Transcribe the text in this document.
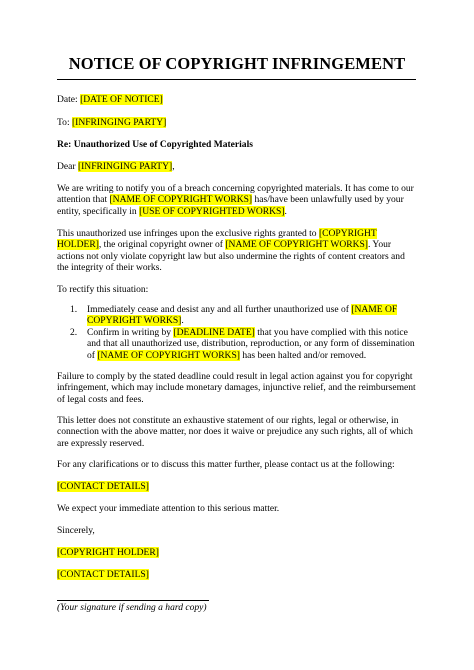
NOTICE OF COPYRIGHT INFRINGEMENT

Date: [DATE OF NOTICE]

To: [INFRINGING PARTY]

Re: Unauthorized Use of Copyrighted Materials

Dear [INFRINGING PARTY],

We are writing to notify you of a breach concerning copyrighted materials. It has come to our
attention that [NAME OF COPYRIGHT WORKS] has/have been unlawfully used by your
entity, specifically in [USE OF COPYRIGHTED WORKS].
This unauthorized use infringes upon the exclusive rights granted to [COPYRIGHT
HOLDER], the original copyright owner of [NAME OF COPYRIGHT WORKS]. Your
actions not only violate copyright law but also undermine the rights of content creators and
the integrity of their works.

To rectify this situation:

1. Immediately cease and desist any and all further unauthorized use of [NAME OF
COPYRIGHT WORKS].
2. Confirm in writing by [DEADLINE DATE] that you have complied with this notice
and that all unauthorized use, distribution, reproduction, or any form of dissemination
of [NAME OF COPYRIGHT WORKS] has been halted and/or removed.
Failure to comply by the stated deadline could result in legal action against you for copyright
infringement, which may include monetary damages, injunctive relief, and the reimbursement
of legal costs and fees.
This letter does not constitute an exhaustive statement of our rights, legal or otherwise, in
connection with the above matter, nor does it waive or prejudice any such rights, all of which
are expressly reserved.

For any clarifications or to discuss this matter further, please contact us at the following:

[CONTACT DETAILS]

We expect your immediate attention to this serious matter.

Sincerely,

[COPYRIGHT HOLDER]

[CONTACT DETAILS]

(Your signature if sending a hard copy)
